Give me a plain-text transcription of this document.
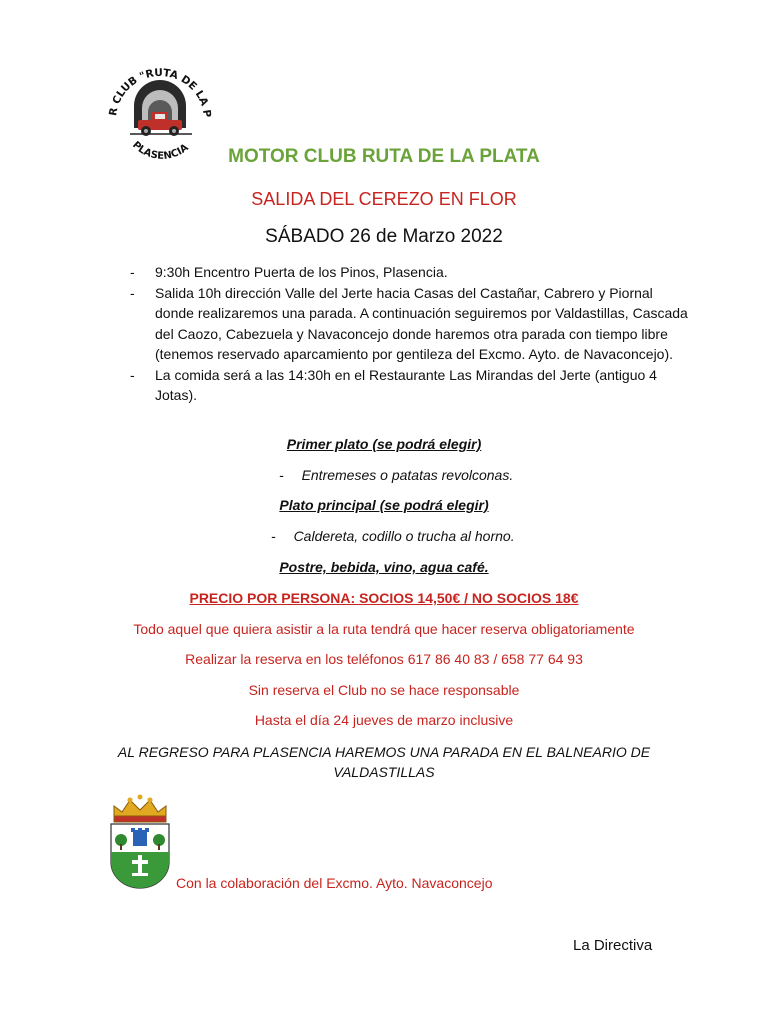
R CLUB "RUTA DE LA P
PLASENCIA	MOTOR CLUB RUTA DE LA PLATA
SALIDA DEL CEREZO EN FLOR
SÁBADO 26 de Marzo 2022
- 9:30h Encentro Puerta de los Pinos, Plasencia.
- Salida 10h dirección Valle del Jerte hacia Casas del Castañar, Cabrero y Piornal donde realizaremos una parada. A continuación seguiremos por Valdastillas, Cascada del Caozo, Cabezuela y Navaconcejo donde haremos otra parada con tiempo libre (tenemos reservado aparcamiento por gentileza del Excmo. Ayto. de Navaconcejo).
- La comida será a las 14:30h en el Restaurante Las Mirandas del Jerte (antiguo 4 Jotas).
Primer plato (se podrá elegir)
- Entremeses o patatas revolconas.
Plato principal (se podrá elegir)
- Caldereta, codillo o trucha al horno.
Postre, bebida, vino, agua café.
PRECIO POR PERSONA: SOCIOS 14,50€ / NO SOCIOS 18€
Todo aquel que quiera asistir a la ruta tendrá que hacer reserva obligatoriamente
Realizar la reserva en los teléfonos 617 86 40 83 / 658 77 64 93
Sin reserva el Club no se hace responsable
Hasta el día 24 jueves de marzo inclusive
AL REGRESO PARA PLASENCIA HAREMOS UNA PARADA EN EL BALNEARIO DE
VALDASTILLAS
Con la colaboración del Excmo. Ayto. Navaconcejo
La Directiva
